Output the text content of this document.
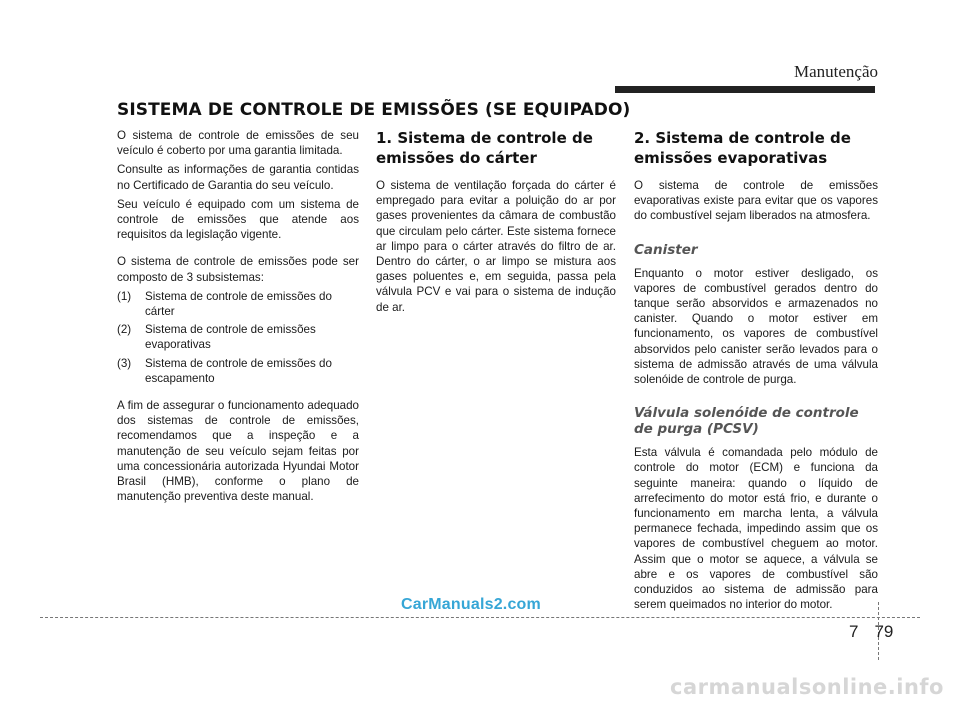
Manutenção
SISTEMA DE CONTROLE DE EMISSÕES (SE EQUIPADO)

O sistema de controle de emissões de seu veículo é coberto por uma garantia limitada.

Consulte as informações de garantia contidas no Certificado de Garantia do seu veículo.

Seu veículo é equipado com um sistema de controle de emissões que atende aos requisitos da legislação vigente.

O sistema de controle de emissões pode ser composto de 3 subsistemas:

(1)	Sistema de controle de emissões do cárter
(2)	Sistema de controle de emissões evaporativas
(3)	Sistema de controle de emissões do escapamento

A fim de assegurar o funcionamento adequado dos sistemas de controle de emissões, recomendamos que a inspeção e a manutenção de seu veículo sejam feitas por uma concessionária autorizada Hyundai Motor Brasil (HMB), conforme o plano de manutenção preventiva deste manual.

1. Sistema de controle de emissões do cárter

O sistema de ventilação forçada do cárter é empregado para evitar a poluição do ar por gases provenientes da câmara de combustão que circulam pelo cárter. Este sistema fornece ar limpo para o cárter através do filtro de ar. Dentro do cárter, o ar limpo se mistura aos gases poluentes e, em seguida, passa pela válvula PCV e vai para o sistema de indução de ar.

2. Sistema de controle de emissões evaporativas

O sistema de controle de emissões evaporativas existe para evitar que os vapores do combustível sejam liberados na atmosfera.

Canister

Enquanto o motor estiver desligado, os vapores de combustível gerados dentro do tanque serão absorvidos e armazenados no canister. Quando o motor estiver em funcionamento, os vapores de combustível absorvidos pelo canister serão levados para o sistema de admissão através de uma válvula solenóide de controle de purga.

Válvula solenóide de controle de purga (PCSV)

Esta válvula é comandada pelo módulo de controle do motor (ECM) e funciona da seguinte maneira: quando o líquido de arrefecimento do motor está frio, e durante o funcionamento em marcha lenta, a válvula permanece fechada, impedindo assim que os vapores de combustível cheguem ao motor. Assim que o motor se aquece, a válvula se abre e os vapores de combustível são conduzidos ao sistema de admissão para serem queimados no interior do motor.

CarManuals2.com
7 79
carmanualsonline.info
